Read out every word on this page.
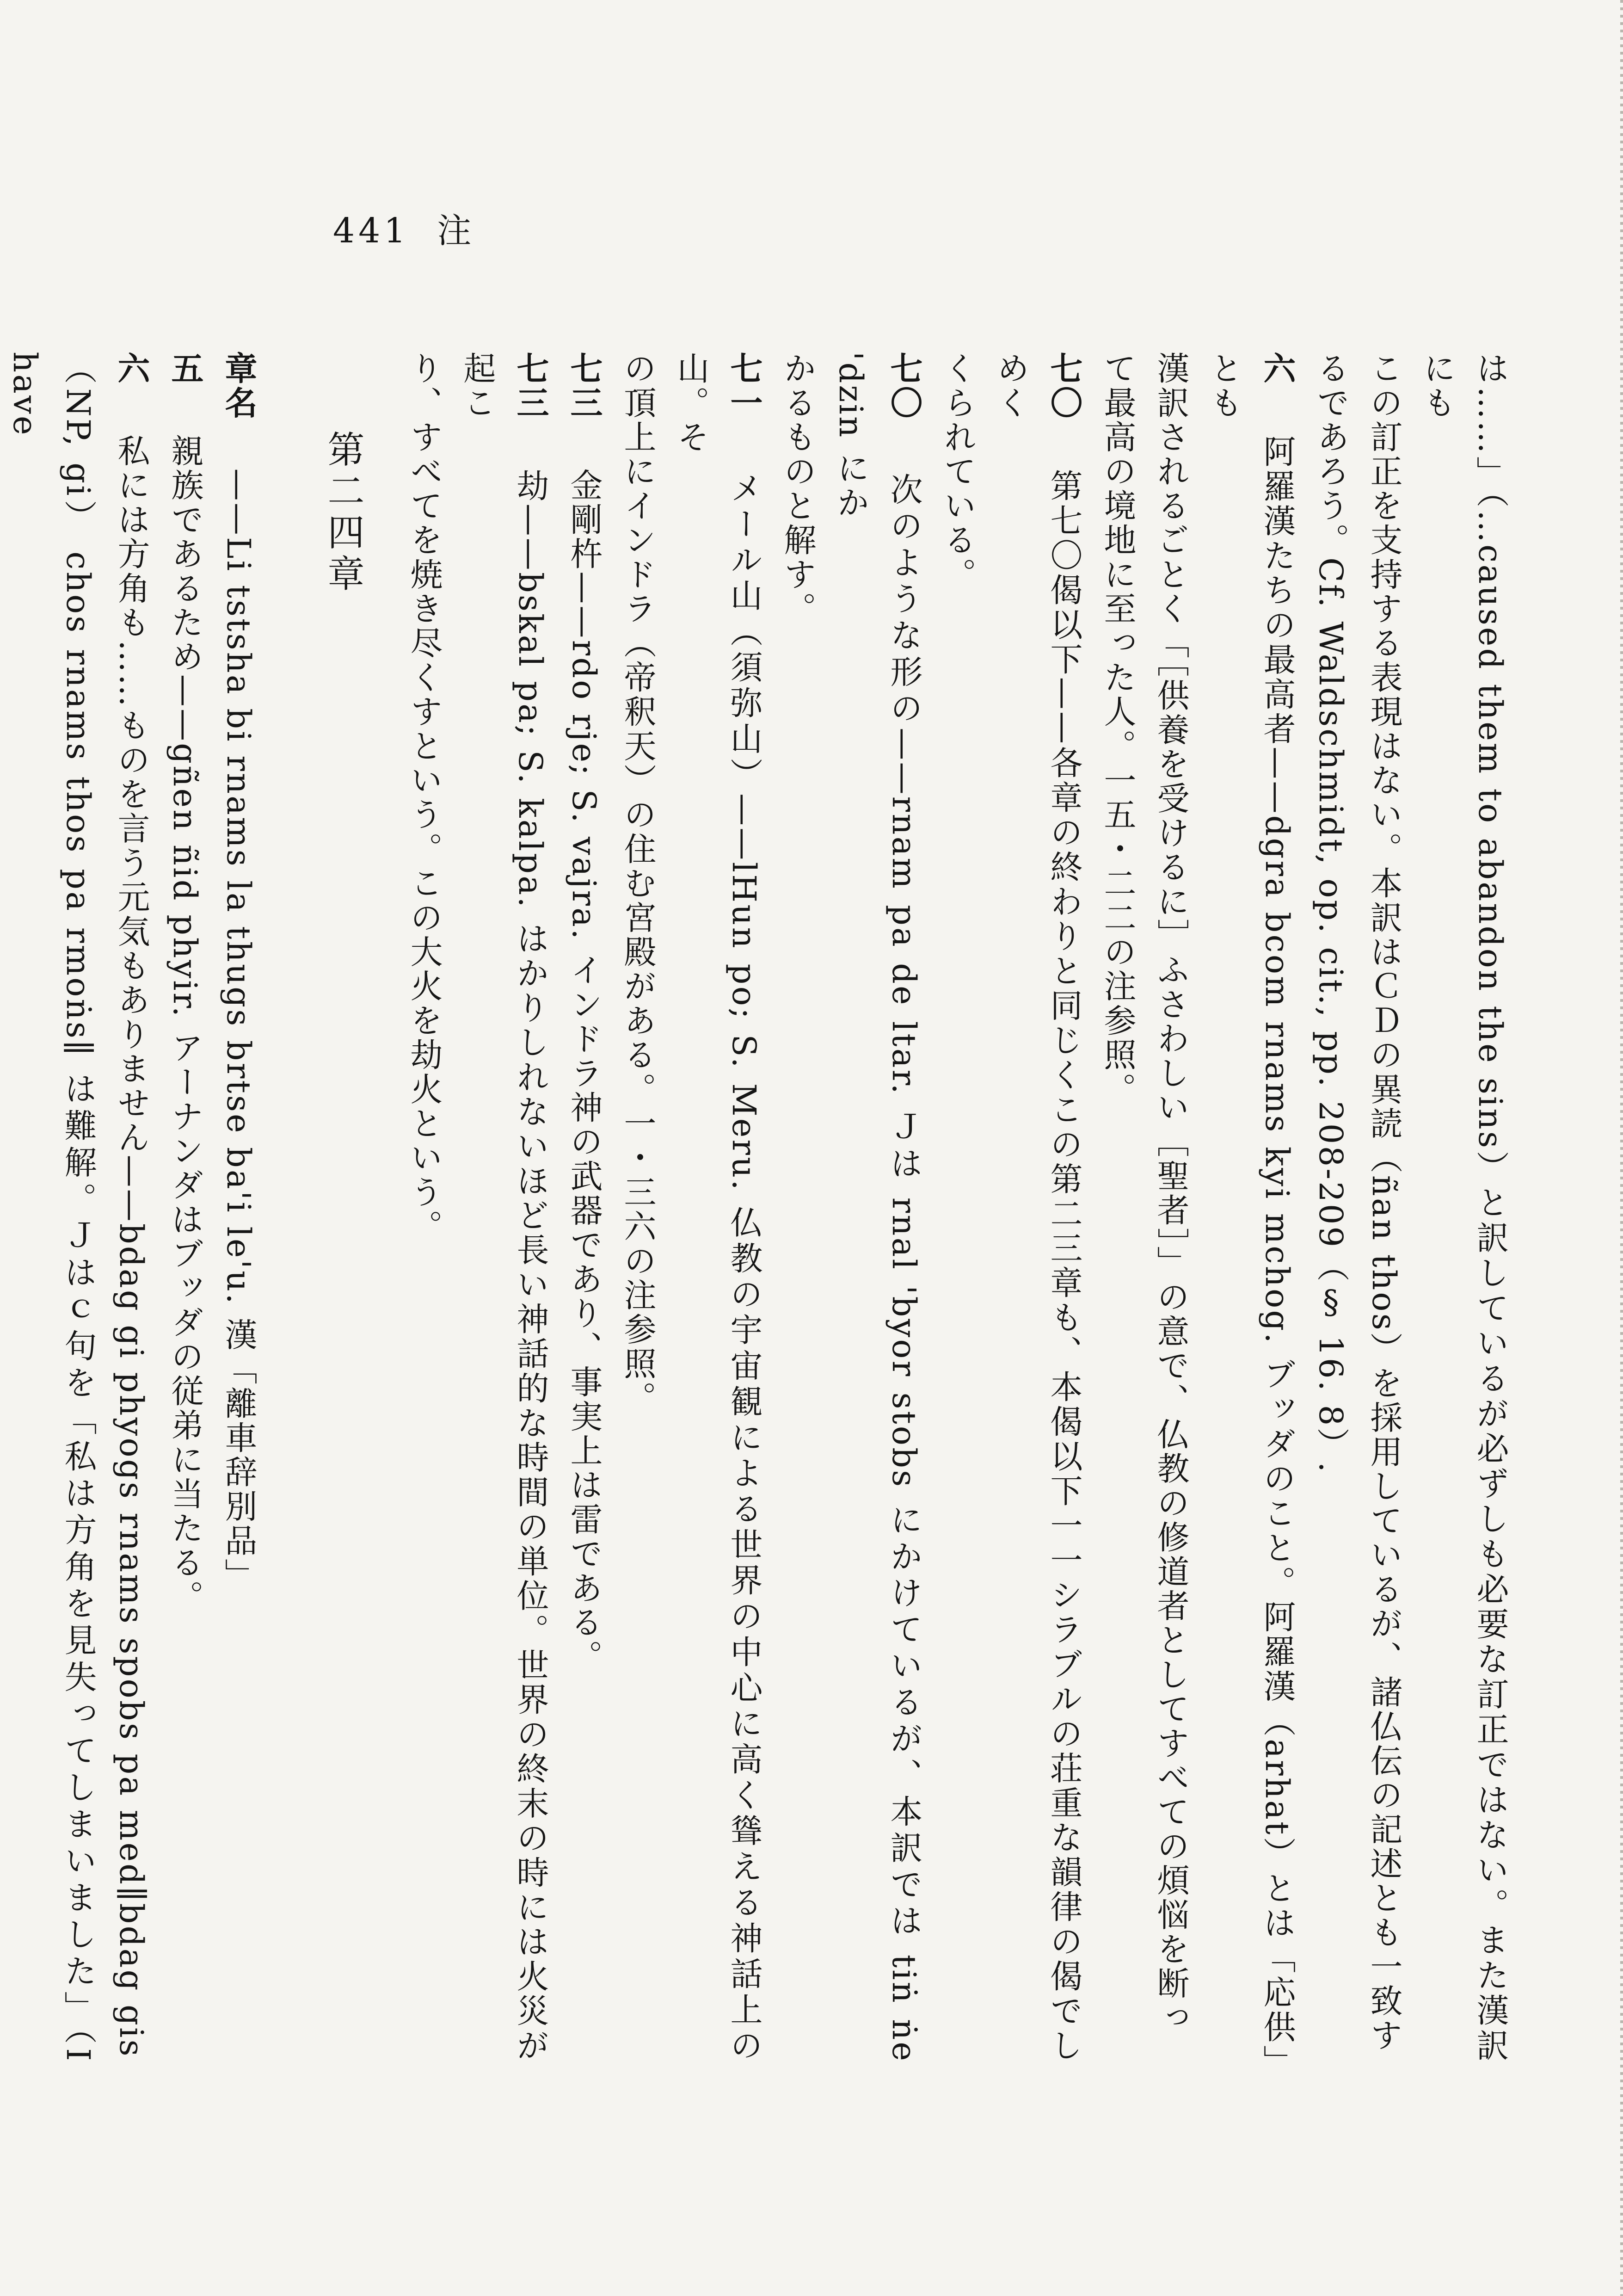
441 注

は……」（…caused them to abandon the sins）と訳しているが必ずしも必要な訂正ではない。また漢訳にも

この訂正を支持する表現はない。本訳はＣＤの異読（ñan thos）を採用しているが、諸仏伝の記述とも一致す

るであろう。Cf. Waldschmidt, op. cit., pp. 208-209（§ 16. 8）.

六　阿羅漢たちの最高者——dgra bcom rnams kyi mchog. ブッダのこと。阿羅漢（arhat）とは「応供」とも

漢訳されるごとく「［供養を受けるに］ふさわしい［聖者］」の意で、仏教の修道者としてすべての煩悩を断っ

て最高の境地に至った人。一五・二二の注参照。

七〇　第七〇偈以下——各章の終わりと同じくこの第二三章も、本偈以下一一シラブルの荘重な韻律の偈でしめく

くられている。

七〇　次のような形の——rnam pa de ltar. Ｊは rnal 'byor stobs にかけているが、本訳では tiṅ ṅe 'dzin にか

かるものと解す。

七一　メール山（須弥山）——lHun po; S. Meru. 仏教の宇宙観による世界の中心に高く聳える神話上の山。そ

の頂上にインドラ（帝釈天）の住む宮殿がある。一・三六の注参照。

七三　金剛杵——rdo rje; S. vajra. インドラ神の武器であり、事実上は雷である。

七三　劫——bskal pa; S. kalpa. はかりしれないほど長い神話的な時間の単位。世界の終末の時には火災が起こ

り、すべてを焼き尽くすという。この大火を劫火という。

第二四章

章名　——Li tstsha bi rnams la thugs brtse ba'i le'u. 漢「離車辞別品」

五　親族であるため——gñen ñid phyir. アーナンダはブッダの従弟に当たる。

六　私には方角も……ものを言う元気もありません——bdag gi phyogs rnams spobs pa med∥bdag gis

（NP, gi） chos rnams thos pa rmoṅs∥ は難解。Ｊはｃ句を「私は方角を見失ってしまいました」（I have
